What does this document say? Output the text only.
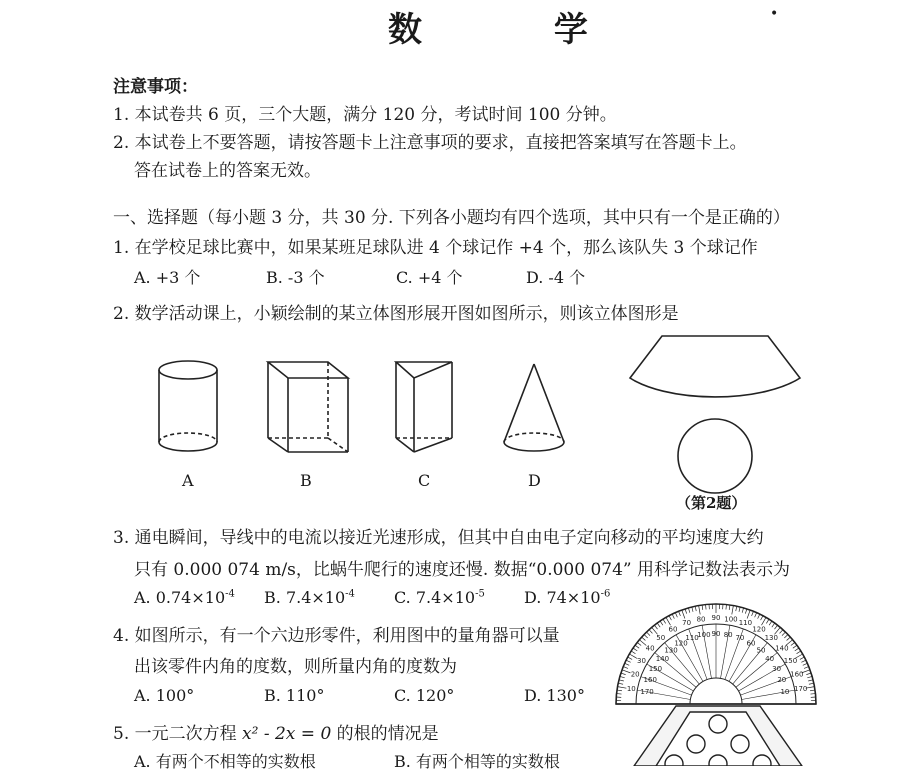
数 学	•
注意事项：
1. 本试卷共 6 页，三个大题，满分 120 分，考试时间 100 分钟。
2. 本试卷上不要答题，请按答题卡上注意事项的要求，直接把答案填写在答题卡上。
答在试卷上的答案无效。
一、选择题（每小题 3 分，共 30 分. 下列各小题均有四个选项，其中只有一个是正确的）
1. 在学校足球比赛中，如果某班足球队进 4 个球记作 +4 个，那么该队失 3 个球记作
A. +3 个	B. -3 个	C. +4 个	D. -4 个
2. 数学活动课上，小颖绘制的某立体图形展开图如图所示，则该立体图形是
A	B	C	D
（第2题）
3. 通电瞬间，导线中的电流以接近光速形成，但其中自由电子定向移动的平均速度大约
只有 0.000 074 m/s，比蜗牛爬行的速度还慢. 数据“0.000 074” 用科学记数法表示为
A. $0.74\times 10^{-4}$ B. $7.4\times 10^{-4}$ C. $7.4\times 10^{-5}$ D. $74\times 10^{-6}$
4. 如图所示，有一个六边形零件，利用图中的量角器可以量
出该零件内角的度数，则所量内角的度数为
A. 100°	B. 110°	C. 120°	D. 130°	10
20
30
40
50
60
70 80 90 100 110
120
130
140
150
160
170
170
160
150
140
130
120
110
100 90 80 70
60
50
40
30
20
10
5. 一元二次方程 x² - 2x = 0 的根的情况是
A. 有两个不相等的实数根	B. 有两个相等的实数根
